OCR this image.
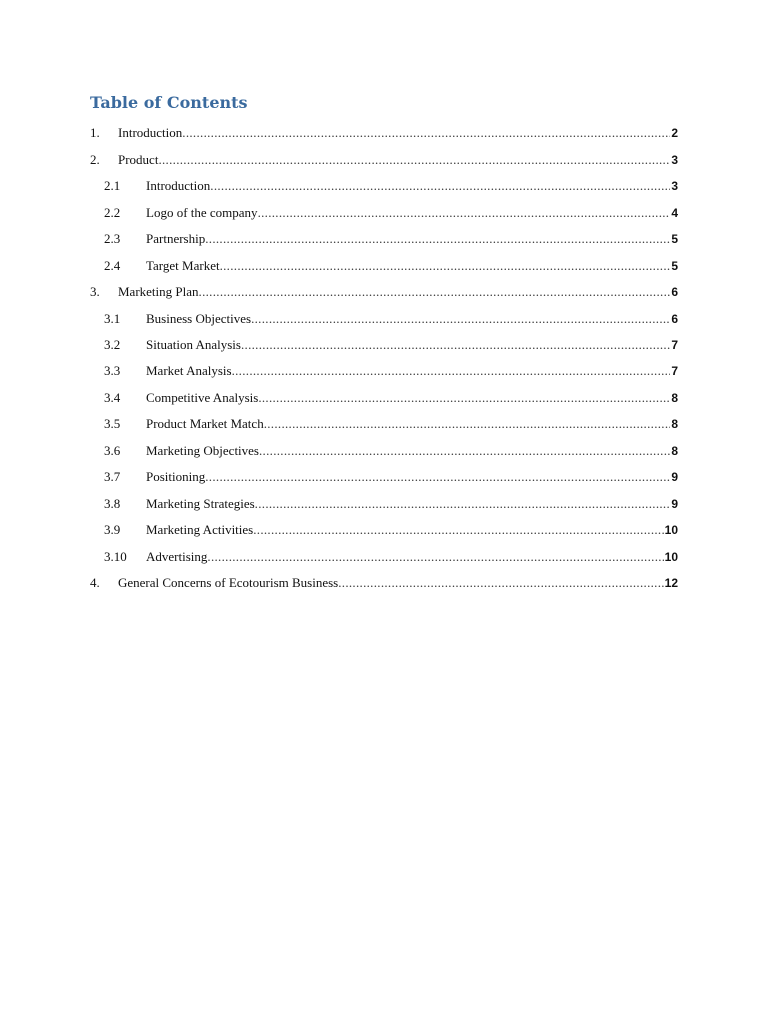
Table of Contents
1.	Introduction .....	2
2.	Product .....	3
2.1	Introduction .....	3
2.2	Logo of the company .....	4
2.3	Partnership .....	5
2.4	Target Market .....	5
3.	Marketing Plan .....	6
3.1	Business Objectives .....	6
3.2	Situation Analysis .....	7
3.3	Market Analysis .....	7
3.4	Competitive Analysis .....	8
3.5	Product Market Match .....	8
3.6	Marketing Objectives .....	8
3.7	Positioning .....	9
3.8	Marketing Strategies .....	9
3.9	Marketing Activities .....	10
3.10	Advertising .....	10
4.	General Concerns of Ecotourism Business .....	12
